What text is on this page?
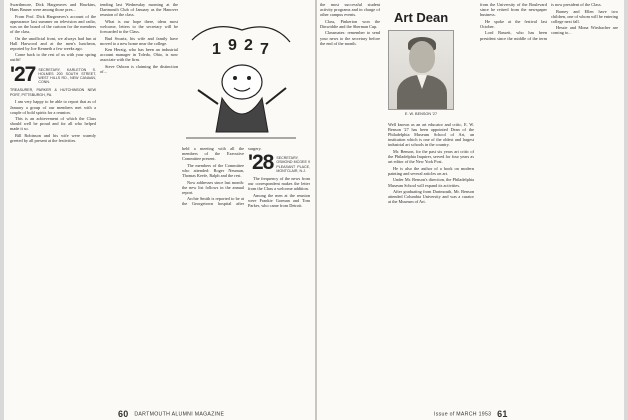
Swarthmore, Dick Hargreaves and Hawkins, Hans Bruner were among those pres...

From Prof. Dick Hargreaves's account of the appearance last summer on television and radio, was on the board of the cartoon for the members of the class.

On the unofficial front, we always had fun at Hall Harwood and at the men's luncheon, reported by Joe Kenneth a few weeks ago.

Come back to the rest of us with your spring outfit!

'27 SECRETARY, KARLETON S. HOLMES 200 SOUTH STREET, WEST HILLS RD., NEW CANAAN, CONN.

TREASURER, PARKER & HUTCHINSON NEW PORT, PITTSBURGH, PA.

I am very happy to be able to report that as of January a group of our members met with a couple of bold spirits for a reunion.

This is an achievement of which the Class should well be proud and for all who helped made it so.

Bill Robinson and his wife were warmly greeted by all present at the festivities.

tending last Wednesday morning at the Dartmouth Club of January as the Hanover reunion of the class.

What is our hope there, ideas most welcome, letters to the secretary will be forwarded to the Class.

Bud Swartz, his wife and family have moved to a new home near the college.

Ken Herzig, who has been an industrial account manager in Toledo, Ohio, is now associate with the firm.

Steve Osborn is claiming the distinction of...

1 9 2 7

held a meeting with all the members of the Executive Committee present.

The members of the Committee who attended: Roger Neuman, Thomas Keefe, Ralph and the rest.

Now addresses since last month: the new list follows in the annual report.

Archie Smith is reported to be at the Georgetown hospital after surgery.

'28 SECRETARY, OSMOND MCGEE 9 PLEASANT PLACE, MONTCLAIR, N.J.

The frequency of the news from our correspondent makes the letter from the Class a welcome addition.

Among the men at the reunion were Frankie Gorman and Tom Parker, who came from Detroit.

60 DARTMOUTH ALUMNI MAGAZINE

the most successful student activity programs and in charge of other campus events.

Class, Pinkerton won the Dinwiddie and the Sherman Cup.

Classmates: remember to send your news to the secretary before the end of the month.

Art Dean
E. W. BENSON '27

Well known as an art educator and critic, E. W. Benson '27 has been appointed Dean of the Philadelphia Museum School of Art, an institution which is one of the oldest and largest industrial art schools in the country.

Mr. Benson, for the past six years art critic of the Philadelphia Inquirer, served for four years as art editor of the New York Post.

He is also the author of a book on modern painting and several articles on art.

Under Mr. Benson's direction, the Philadelphia Museum School will expand its activities.

After graduating from Dartmouth, Mr. Benson attended Columbia University and was a curator at the Museum of Art.

from the University of the Boulevard since he retired from the newspaper business.

He spoke at the festival last October.

Lord Bassett, who has been president since the middle of the term is now president of the Class.

Barney and Ellen have two children, one of whom will be entering college next fall.

Hessie and Mona Wirsbacher are coming to...

Issue of MARCH 1953 61
